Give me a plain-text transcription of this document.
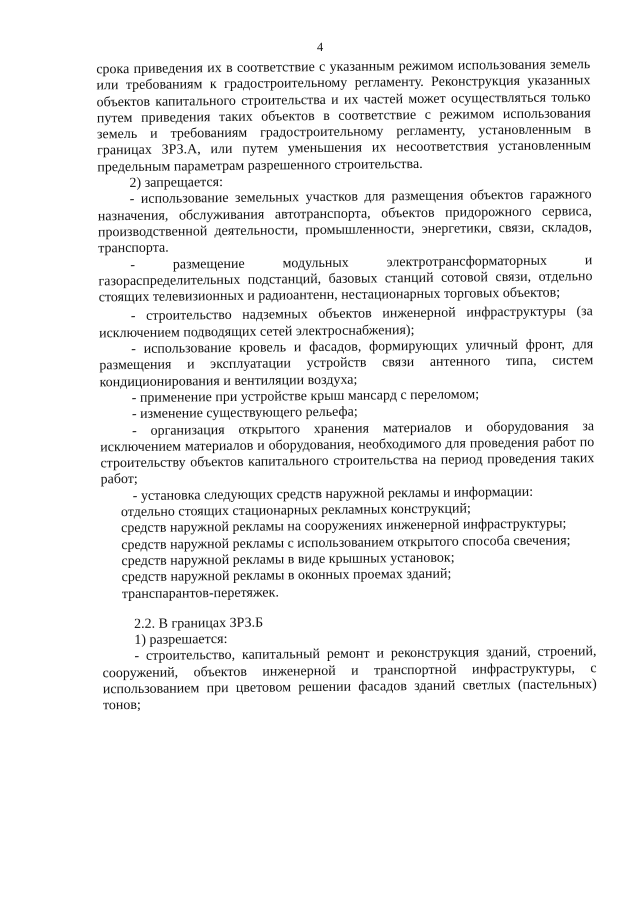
4

срока приведения их в соответствие с указанным режимом использования земель или требованиям к градостроительному регламенту. Реконструкция указанных объектов капитального строительства и их частей может осуществляться только путем приведения таких объектов в соответствие с режимом использования земель и требованиям градостроительному регламенту, установленным в границах ЗРЗ.А, или путем уменьшения их несоответствия установленным предельным параметрам разрешенного строительства.

2) запрещается:

- использование земельных участков для размещения объектов гаражного назначения, обслуживания автотранспорта, объектов придорожного сервиса, производственной деятельности, промышленности, энергетики, связи, складов, транспорта.

- размещение модульных электротрансформаторных и газораспределительных подстанций, базовых станций сотовой связи, отдельно стоящих телевизионных и радиоантенн, нестационарных торговых объектов;

- строительство надземных объектов инженерной инфраструктуры (за исключением подводящих сетей электроснабжения);

- использование кровель и фасадов, формирующих уличный фронт, для размещения и эксплуатации устройств связи антенного типа, систем кондиционирования и вентиляции воздуха;

- применение при устройстве крыш мансард с переломом;

- изменение существующего рельефа;

- организация открытого хранения материалов и оборудования за исключением материалов и оборудования, необходимого для проведения работ по строительству объектов капитального строительства на период проведения таких работ;

- установка следующих средств наружной рекламы и информации:

отдельно стоящих стационарных рекламных конструкций;

средств наружной рекламы на сооружениях инженерной инфраструктуры;

средств наружной рекламы с использованием открытого способа свечения;

средств наружной рекламы в виде крышных установок;

средств наружной рекламы в оконных проемах зданий;

транспарантов-перетяжек.

2.2. В границах ЗРЗ.Б

1) разрешается:

- строительство, капитальный ремонт и реконструкция зданий, строений, сооружений, объектов инженерной и транспортной инфраструктуры, с использованием при цветовом решении фасадов зданий светлых (пастельных) тонов;
